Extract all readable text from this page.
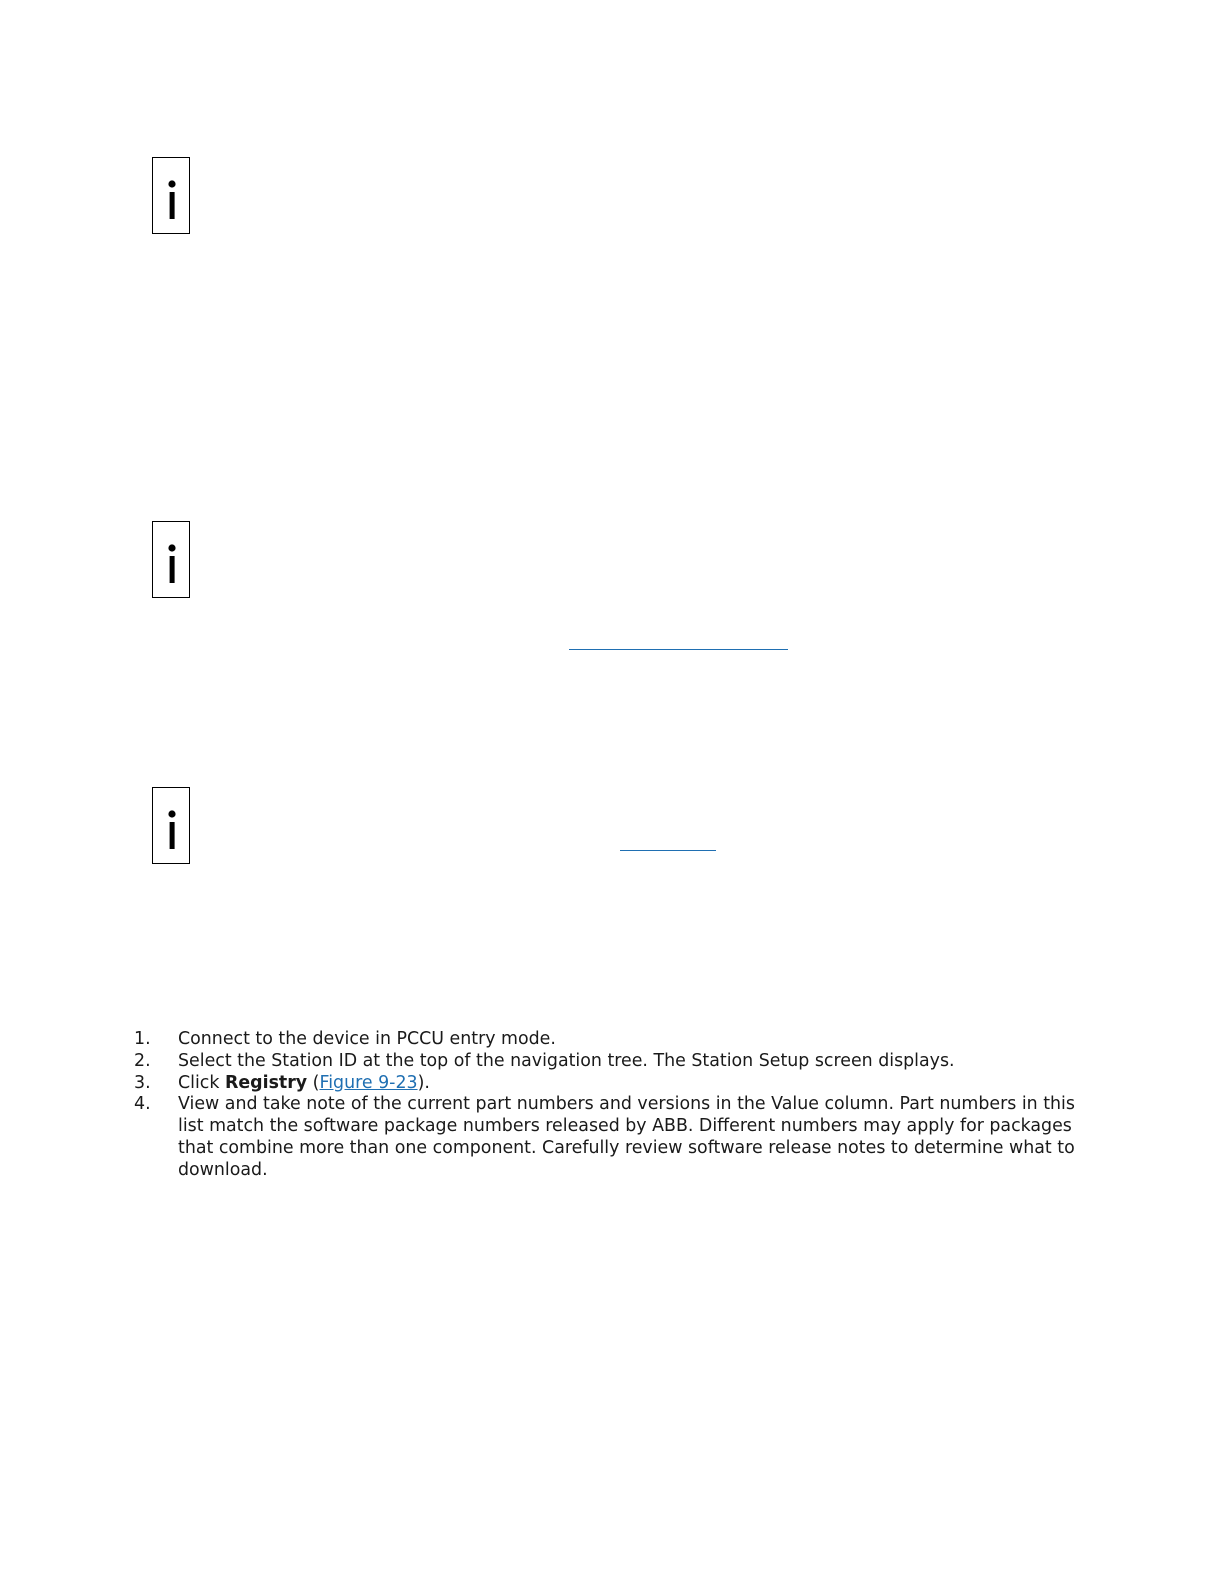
1.	Connect to the device in PCCU entry mode.
2.	Select the Station ID at the top of the navigation tree. The Station Setup screen displays.
3.	Click Registry (Figure 9-23).
4.	View and take note of the current part numbers and versions in the Value column. Part numbers in this list match the software package numbers released by ABB. Different numbers may apply for packages that combine more than one component. Carefully review software release notes to determine what to download.
